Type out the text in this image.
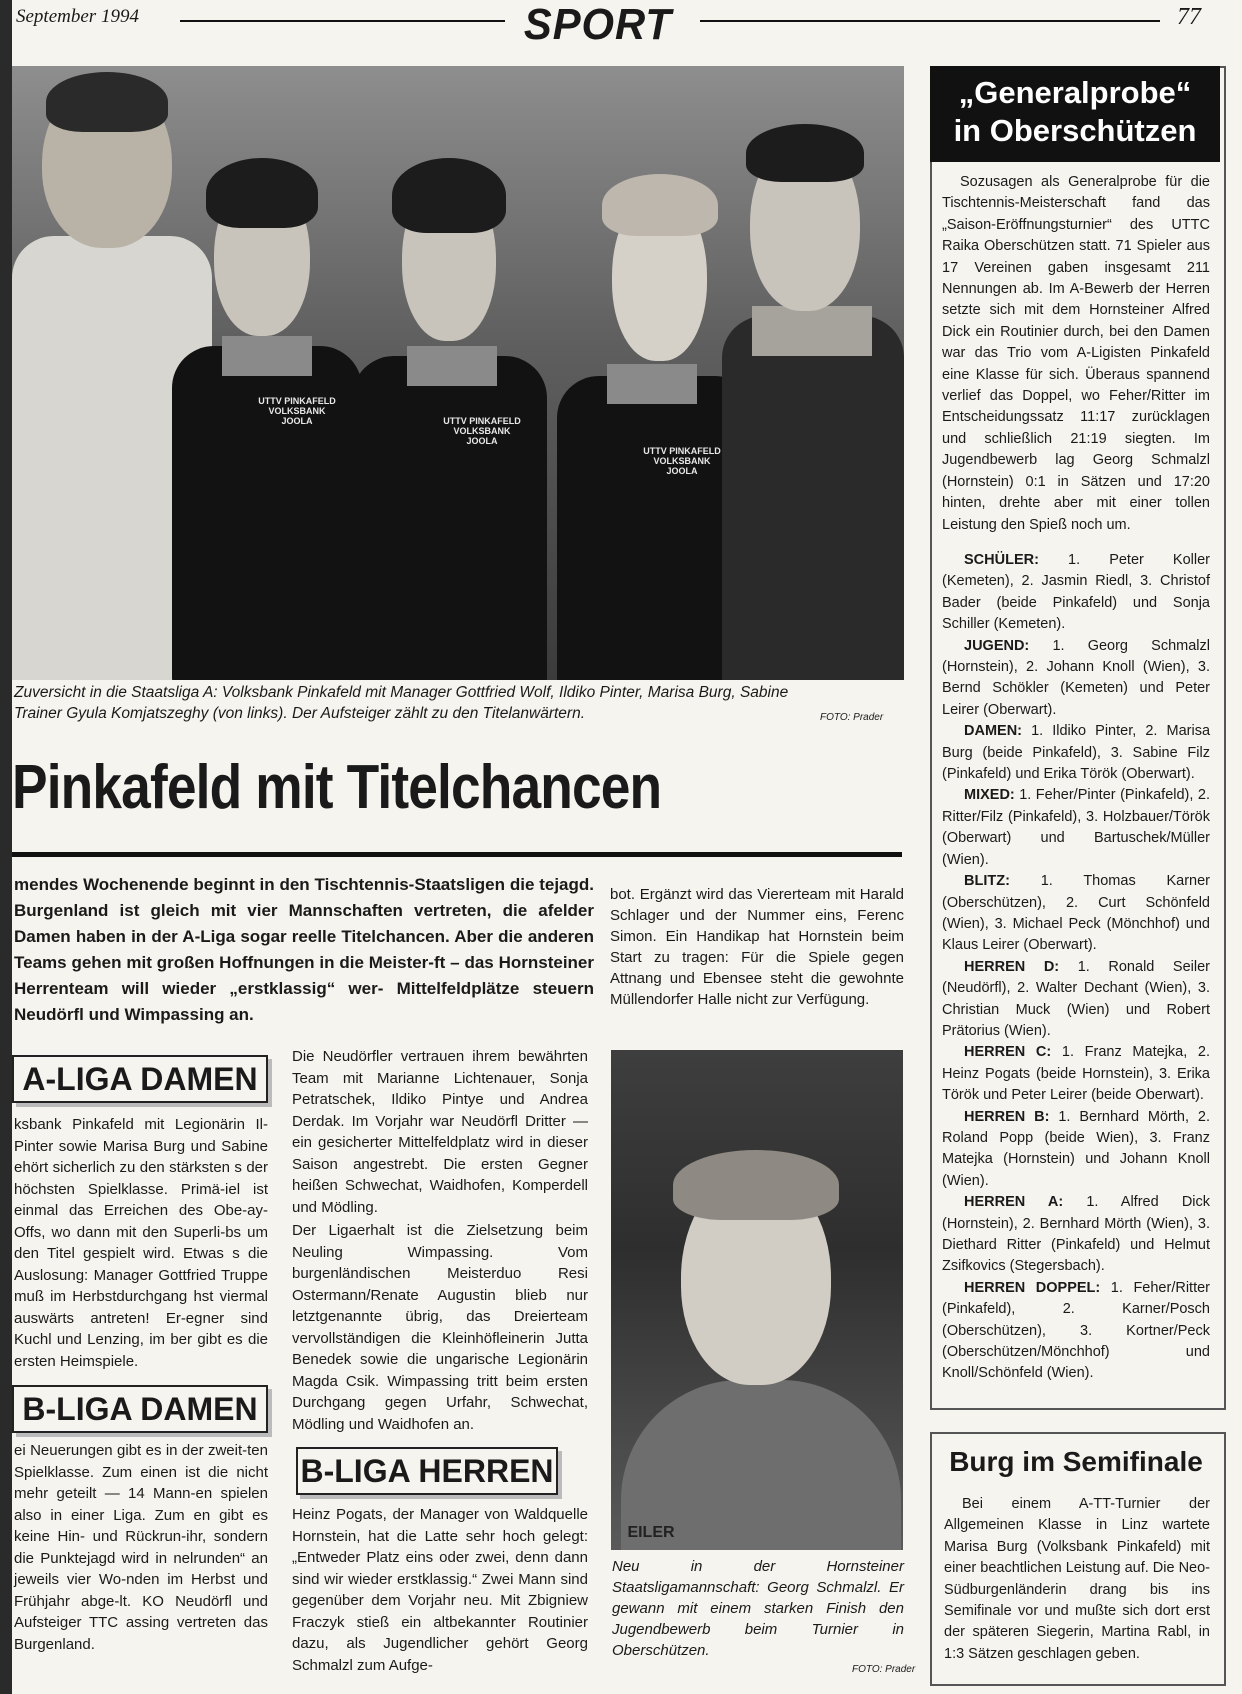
September 1994	SPORT	77
UTTV PINKAFELD VOLKSBANK JOOLA	UTTV PINKAFELD VOLKSBANK JOOLA
UTTV PINKAFELD VOLKSBANK JOOLA
Zuversicht in die Staatsliga A: Volksbank Pinkafeld mit Manager Gottfried Wolf, Ildiko Pinter, Marisa Burg, Sabine
Trainer Gyula Komjatszeghy (von links). Der Aufsteiger zählt zu den Titelanwärtern.	FOTO: Prader
Pinkafeld mit Titelchancen
mendes Wochenende beginnt in den Tischtennis-Staatsligen die tejagd. Burgenland ist gleich mit vier Mannschaften vertreten, die afelder Damen haben in der A-Liga sogar reelle Titelchancen. Aber die anderen Teams gehen mit großen Hoffnungen in die Meister-ft – das Hornsteiner Herrenteam will wieder „erstklassig“ wer- Mittelfeldplätze steuern Neudörfl und Wimpassing an.
A-LIGA DAMEN
ksbank Pinkafeld mit Legionärin Il-Pinter sowie Marisa Burg und Sabine ehört sicherlich zu den stärksten s der höchsten Spielklasse. Primä-iel ist einmal das Erreichen des Obe-ay-Offs, wo dann mit den Superli-bs um den Titel gespielt wird. Etwas s die Auslosung: Manager Gottfried Truppe muß im Herbstdurchgang hst viermal auswärts antreten! Er-egner sind Kuchl und Lenzing, im ber gibt es die ersten Heimspiele.
B-LIGA DAMEN
ei Neuerungen gibt es in der zweit-ten Spielklasse. Zum einen ist die nicht mehr geteilt — 14 Mann-en spielen also in einer Liga. Zum en gibt es keine Hin- und Rückrun-ihr, sondern die Punktejagd wird in nelrunden“ an jeweils vier Wo-nden im Herbst und Frühjahr abge-lt. KO Neudörfl und Aufsteiger TTC assing vertreten das Burgenland.
Die Neudörfler vertrauen ihrem bewährten Team mit Marianne Lichtenauer, Sonja Petratschek, Ildiko Pintye und Andrea Derdak. Im Vorjahr war Neudörfl Dritter — ein gesicherter Mittelfeldplatz wird in dieser Saison angestrebt. Die ersten Gegner heißen Schwechat, Waidhofen, Komperdell und Mödling.
Der Ligaerhalt ist die Zielsetzung beim Neuling Wimpassing. Vom burgenländischen Meisterduo Resi Ostermann/Renate Augustin blieb nur letztgenannte übrig, das Dreierteam vervollständigen die Kleinhöfleinerin Jutta Benedek sowie die ungarische Legionärin Magda Csik. Wimpassing tritt beim ersten Durchgang gegen Urfahr, Schwechat, Mödling und Waidhofen an.
B-LIGA HERREN
Heinz Pogats, der Manager von Waldquelle Hornstein, hat die Latte sehr hoch gelegt: „Entweder Platz eins oder zwei, denn dann sind wir wieder erstklassig.“ Zwei Mann sind gegenüber dem Vorjahr neu. Mit Zbigniew Fraczyk stieß ein altbekannter Routinier dazu, als Jugendlicher gehört Georg Schmalzl zum Aufge-
bot. Ergänzt wird das Viererteam mit Harald Schlager und der Nummer eins, Ferenc Simon. Ein Handikap hat Hornstein beim Start zu tragen: Für die Spiele gegen Attnang und Ebensee steht die gewohnte Müllendorfer Halle nicht zur Verfügung.
EILER
Neu in der Hornsteiner Staatsligamannschaft: Georg Schmalzl. Er gewann mit einem starken Finish den Jugendbewerb beim Turnier in Oberschützen.
FOTO: Prader
„Generalprobe“
in Oberschützen
Sozusagen als Generalprobe für die Tischtennis-Meisterschaft fand das „Saison-Eröffnungsturnier“ des UTTC Raika Oberschützen statt. 71 Spieler aus 17 Vereinen gaben insgesamt 211 Nennungen ab. Im A-Bewerb der Herren setzte sich mit dem Hornsteiner Alfred Dick ein Routinier durch, bei den Damen war das Trio vom A-Ligisten Pinkafeld eine Klasse für sich. Überaus spannend verlief das Doppel, wo Feher/Ritter im Entscheidungssatz 11:17 zurücklagen und schließlich 21:19 siegten. Im Jugendbewerb lag Georg Schmalzl (Hornstein) 0:1 in Sätzen und 17:20 hinten, drehte aber mit einer tollen Leistung den Spieß noch um.

SCHÜLER: 1. Peter Koller (Kemeten), 2. Jasmin Riedl, 3. Christof Bader (beide Pinkafeld) und Sonja Schiller (Kemeten).

JUGEND: 1. Georg Schmalzl (Hornstein), 2. Johann Knoll (Wien), 3. Bernd Schökler (Kemeten) und Peter Leirer (Oberwart).

DAMEN: 1. Ildiko Pinter, 2. Marisa Burg (beide Pinkafeld), 3. Sabine Filz (Pinkafeld) und Erika Török (Oberwart).

MIXED: 1. Feher/Pinter (Pinkafeld), 2. Ritter/Filz (Pinkafeld), 3. Holzbauer/Török (Oberwart) und Bartuschek/Müller (Wien).

BLITZ: 1. Thomas Karner (Oberschützen), 2. Curt Schönfeld (Wien), 3. Michael Peck (Mönchhof) und Klaus Leirer (Oberwart).

HERREN D: 1. Ronald Seiler (Neudörfl), 2. Walter Dechant (Wien), 3. Christian Muck (Wien) und Robert Prätorius (Wien).

HERREN C: 1. Franz Matejka, 2. Heinz Pogats (beide Hornstein), 3. Erika Török und Peter Leirer (beide Oberwart).

HERREN B: 1. Bernhard Mörth, 2. Roland Popp (beide Wien), 3. Franz Matejka (Hornstein) und Johann Knoll (Wien).

HERREN A: 1. Alfred Dick (Hornstein), 2. Bernhard Mörth (Wien), 3. Diethard Ritter (Pinkafeld) und Helmut Zsifkovics (Stegersbach).

HERREN DOPPEL: 1. Feher/Ritter (Pinkafeld), 2. Karner/Posch (Oberschützen), 3. Kortner/Peck (Oberschützen/Mönchhof) und Knoll/Schönfeld (Wien).

Burg im Semifinale
Bei einem A-TT-Turnier der Allgemeinen Klasse in Linz wartete Marisa Burg (Volksbank Pinkafeld) mit einer beachtlichen Leistung auf. Die Neo-Südburgenländerin drang bis ins Semifinale vor und mußte sich dort erst der späteren Siegerin, Martina Rabl, in 1:3 Sätzen geschlagen geben.
